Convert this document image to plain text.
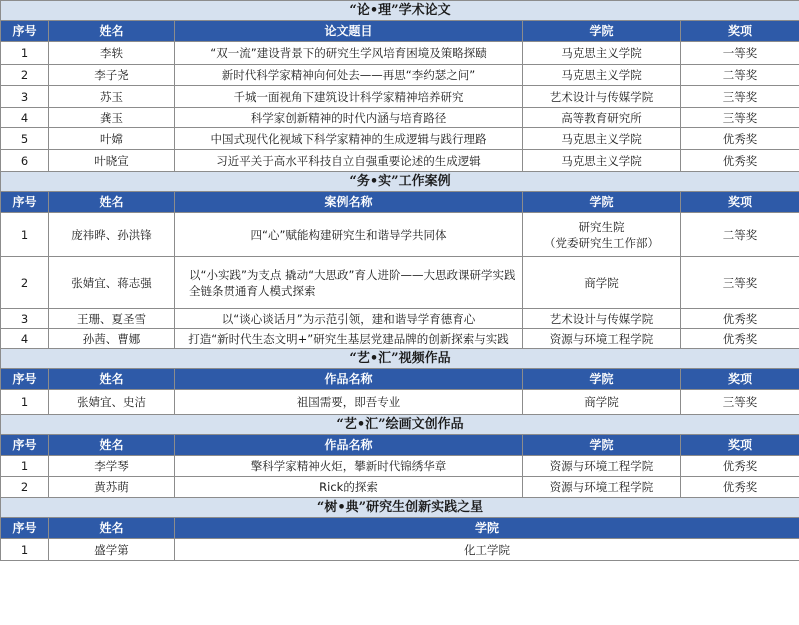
“论•理”学术论文				
序号	姓名	论文题目	学院	奖项
1	李轶	“双一流”建设背景下的研究生学风培育困境及策略探赜	马克思主义学院	一等奖
2	李子尧	新时代科学家精神向何处去——再思“李约瑟之问”	马克思主义学院	二等奖
3	苏玉	千城一面视角下建筑设计科学家精神培养研究	艺术设计与传媒学院	三等奖
4	龚玉	科学家创新精神的时代内涵与培育路径	高等教育研究所	三等奖
5	叶嫦	中国式现代化视域下科学家精神的生成逻辑与践行理路	马克思主义学院	优秀奖
6	叶晓宣	习近平关于高水平科技自立自强重要论述的生成逻辑	马克思主义学院	优秀奖
“务•实”工作案例				
序号	姓名	案例名称	学院	奖项
1	庞祎晔、孙洪锋	四“心”赋能构建研究生和谐导学共同体	研究生院
（党委研究生工作部）	二等奖
2	张婧宜、蒋志强	以“小实践”为支点 撬动“大思政”育人进阶——大思政课研学实践全链条贯通育人模式探索	商学院	三等奖
3	王珊、夏圣雪	以“谈心谈话月”为示范引领，建和谐导学育德育心	艺术设计与传媒学院	优秀奖
4	孙茜、曹娜	打造“新时代生态文明+”研究生基层党建品牌的创新探索与实践	资源与环境工程学院	优秀奖
“艺•汇”视频作品				
序号	姓名	作品名称	学院	奖项
1	张婧宜、史洁	祖国需要，即吾专业	商学院	三等奖
“艺•汇”绘画文创作品				
序号	姓名	作品名称	学院	奖项
1	李学琴	擎科学家精神火炬，攀新时代锦绣华章	资源与环境工程学院	优秀奖
2	黄苏萌	Rick的探索	资源与环境工程学院	优秀奖
“树•典”研究生创新实践之星				
序号	姓名	学院		
1	盛学第	化工学院		
